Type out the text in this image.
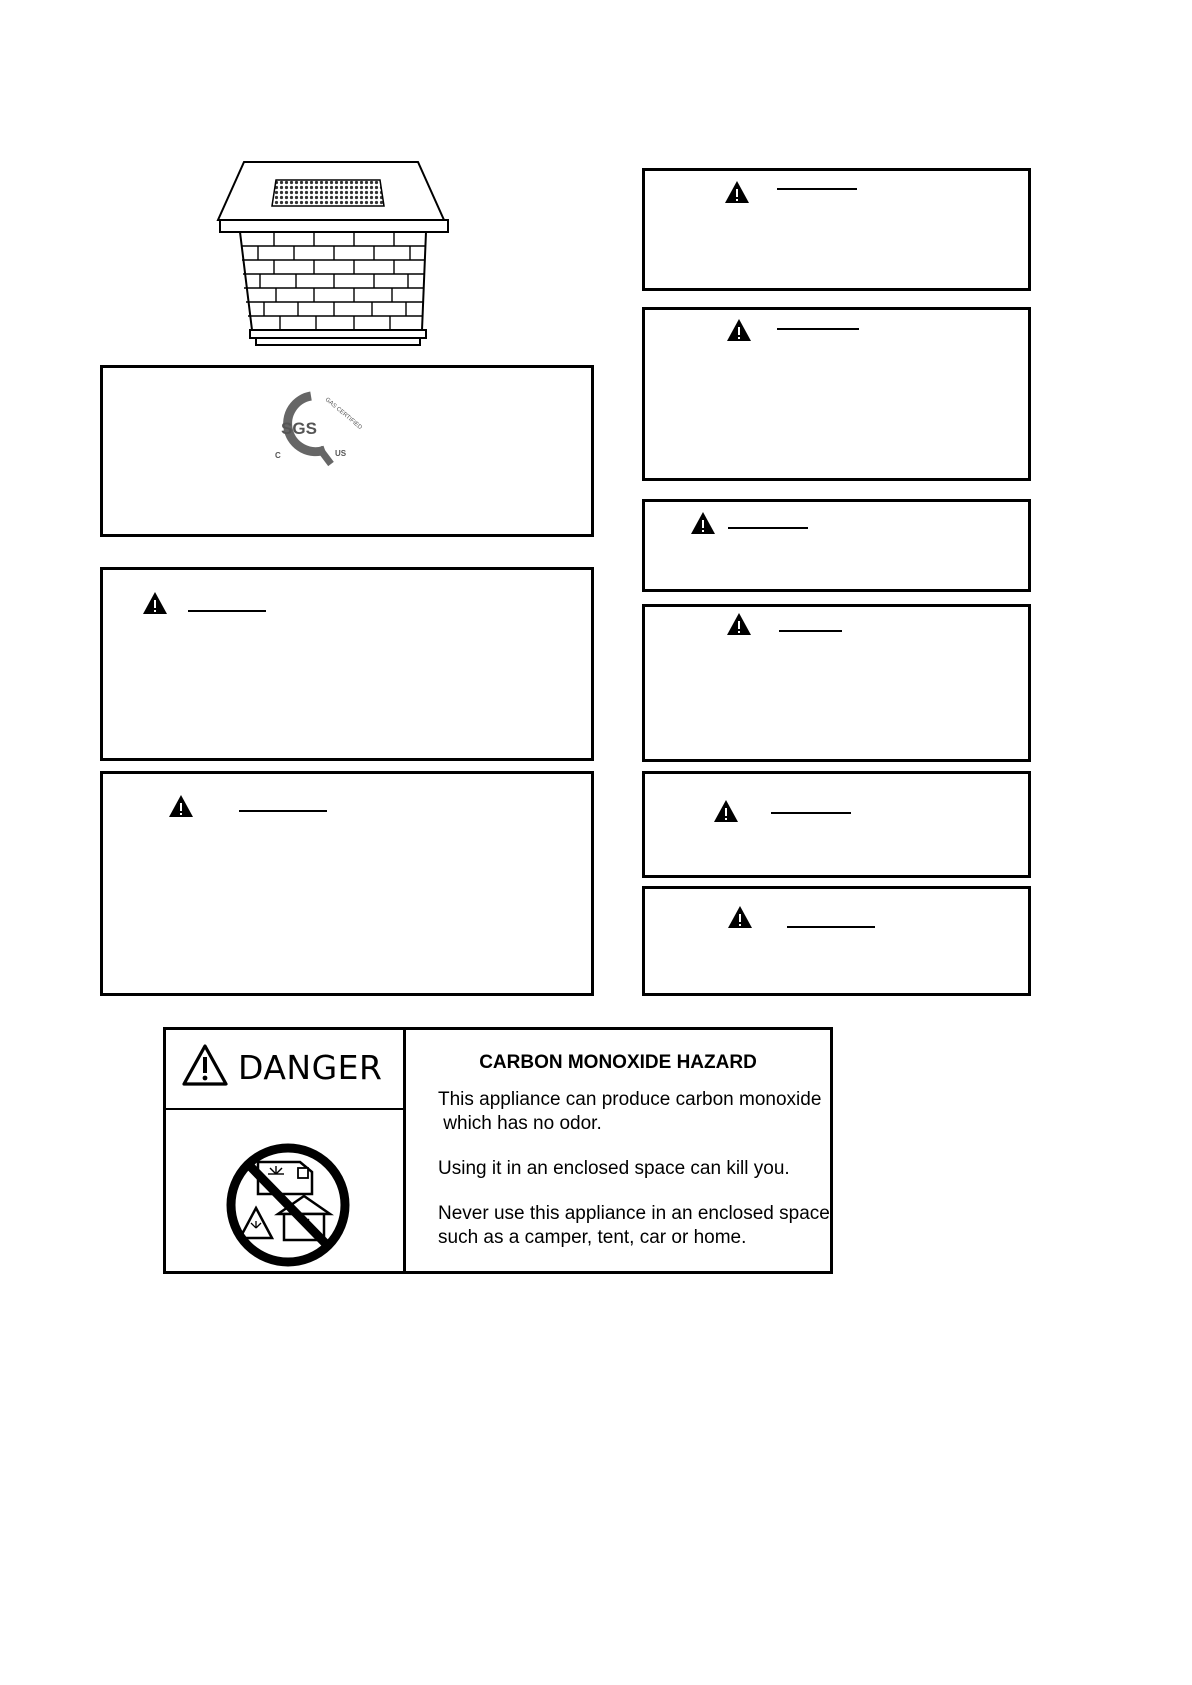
SGS GAS CERTIFIED
C	US
DANGER	CARBON MONOXIDE HAZARD
This appliance can produce carbon monoxide
which has no odor.
Using it in an enclosed space can kill you.
Never use this appliance in an enclosed space
such as a camper, tent, car or home.
